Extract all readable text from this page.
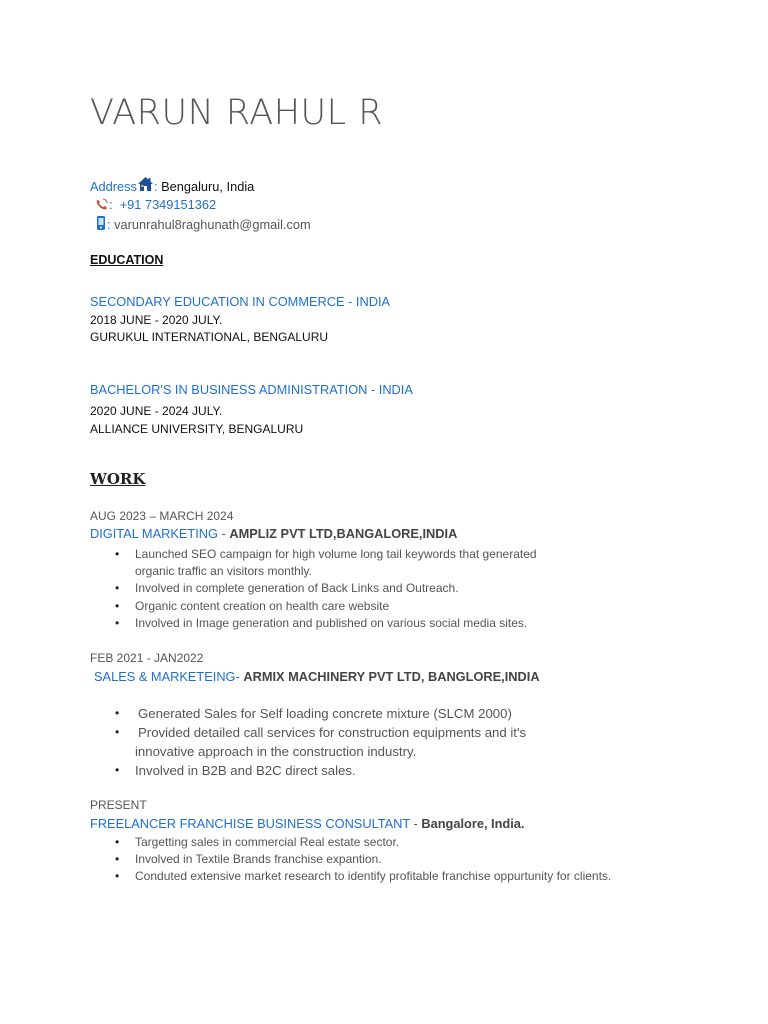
VARUN RAHUL R
Address : Bengaluru, India
: +91 7349151362
: varunrahul8raghunath@gmail.com
EDUCATION
SECONDARY EDUCATION IN COMMERCE - INDIA
2018 JUNE - 2020 JULY.
GURUKUL INTERNATIONAL, BENGALURU
BACHELOR'S IN BUSINESS ADMINISTRATION - INDIA
2020 JUNE - 2024 JULY.
ALLIANCE UNIVERSITY, BENGALURU
WORK
AUG 2023 – MARCH 2024
DIGITAL MARKETING - AMPLIZ PVT LTD,BANGALORE,INDIA
• Launched SEO campaign for high volume long tail keywords that generated organic traffic an visitors monthly.
• Involved in complete generation of Back Links and Outreach.
• Organic content creation on health care website
• Involved in Image generation and published on various social media sites.
FEB 2021 - JAN2022
SALES & MARKETEING- ARMIX MACHINERY PVT LTD, BANGLORE,INDIA
• Generated Sales for Self loading concrete mixture (SLCM 2000)
• Provided detailed call services for construction equipments and it's innovative approach in the construction industry.
• Involved in B2B and B2C direct sales.
PRESENT
FREELANCER FRANCHISE BUSINESS CONSULTANT - Bangalore, India.
• Targetting sales in commercial Real estate sector.
• Involved in Textile Brands franchise expantion.
• Conduted extensive market research to identify profitable franchise oppurtunity for clients.
